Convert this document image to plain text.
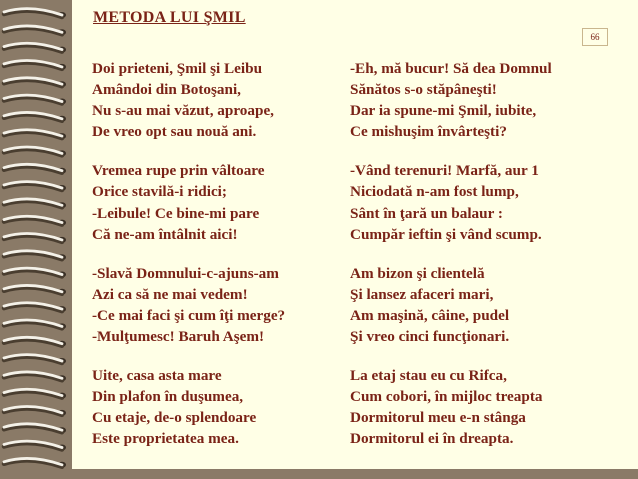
METODA LUI ŞMIL
66
Doi prieteni, Şmil şi Leibu
Amândoi din Botoşani,
Nu s-au mai văzut, aproape,
De vreo opt sau nouă ani.
Vremea rupe prin vâltoare
Orice stavilă-i ridici;
-Leibule! Ce bine-mi pare
Că ne-am întâlnit aici!
-Slavă Domnului-c-ajuns-am
Azi ca să ne mai vedem!
-Ce mai faci şi cum îţi merge?
-Mulţumesc! Baruh Aşem!
Uite, casa asta mare
Din plafon în duşumea,
Cu etaje, de-o splendoare
Este proprietatea mea.
-Eh, mă bucur! Să dea Domnul
Sănătos s-o stăpâneşti!
Dar ia spune-mi Şmil, iubite,
Ce mishuşim învârteşti?
-Vând terenuri! Marfă, aur 1
Niciodată n-am fost lump,
Sânt în ţară un balaur :
Cumpăr ieftin şi vând scump.
Am bizon şi clientelă
Şi lansez afaceri mari,
Am maşină, câine, pudel
Şi vreo cinci funcţionari.
La etaj stau eu cu Rifca,
Cum cobori, în mijloc treapta
Dormitorul meu e-n stânga
Dormitorul ei în dreapta.
